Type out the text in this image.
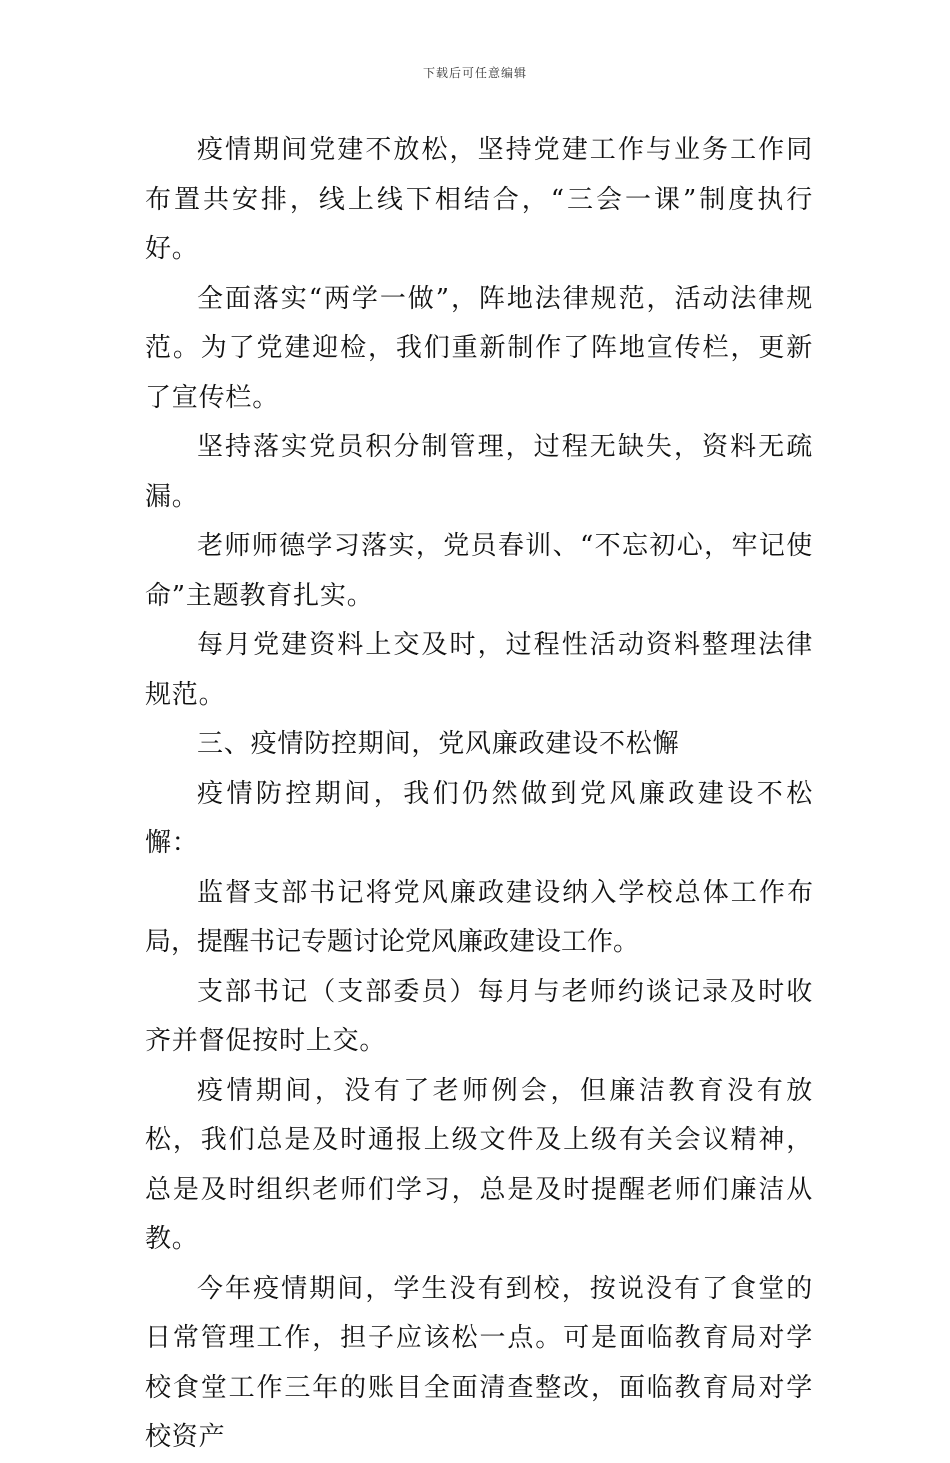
下载后可任意编辑

疫情期间党建不放松，坚持党建工作与业务工作同布置共安排，线上线下相结合，“三会一课”制度执行好。

全面落实“两学一做”，阵地法律规范，活动法律规范。为了党建迎检，我们重新制作了阵地宣传栏，更新了宣传栏。

坚持落实党员积分制管理，过程无缺失，资料无疏漏。

老师师德学习落实，党员春训、“不忘初心，牢记使命”主题教育扎实。

每月党建资料上交及时，过程性活动资料整理法律规范。

三、疫情防控期间，党风廉政建设不松懈

疫情防控期间，我们仍然做到党风廉政建设不松懈：

监督支部书记将党风廉政建设纳入学校总体工作布局，提醒书记专题讨论党风廉政建设工作。

支部书记（支部委员）每月与老师约谈记录及时收齐并督促按时上交。

疫情期间，没有了老师例会，但廉洁教育没有放松，我们总是及时通报上级文件及上级有关会议精神，总是及时组织老师们学习，总是及时提醒老师们廉洁从教。

今年疫情期间，学生没有到校，按说没有了食堂的日常管理工作，担子应该松一点。可是面临教育局对学校食堂工作三年的账目全面清查整改，面临教育局对学校资产
